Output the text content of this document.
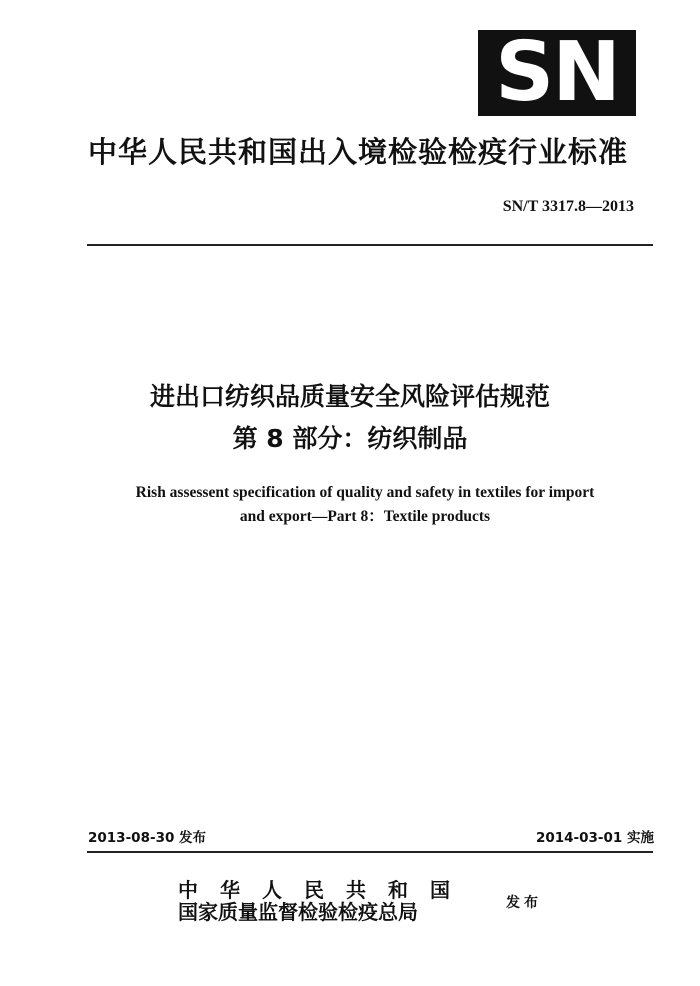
SN
中华人民共和国出入境检验检疫行业标准
SN/T 3317.8—2013
进出口纺织品质量安全风险评估规范
第 8 部分：纺织制品
Rish assessent specification of quality and safety in textiles for import
and export—Part 8：Textile products
2013-08-30 发布	2014-03-01 实施
中华人民共和国
国家质量监督检验检疫总局	发布
